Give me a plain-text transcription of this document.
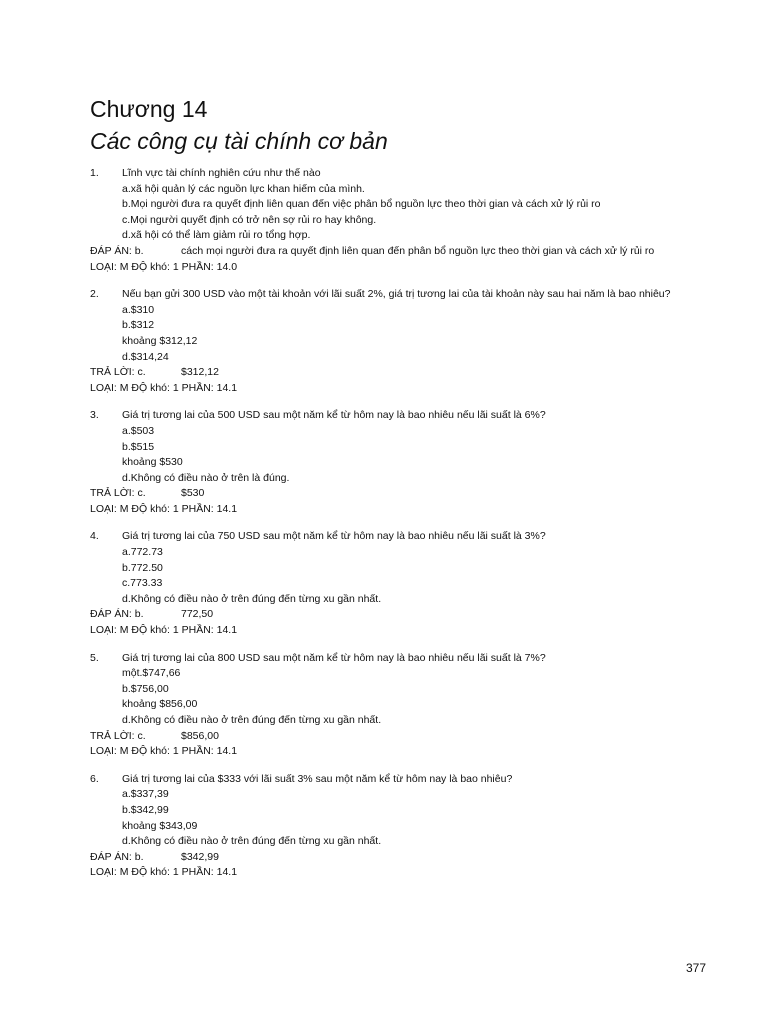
Chương 14
Các công cụ tài chính cơ bản
1. Lĩnh vực tài chính nghiên cứu như thế nào
a.xã hội quản lý các nguồn lực khan hiếm của mình.
b.Mọi người đưa ra quyết định liên quan đến việc phân bổ nguồn lực theo thời gian và cách xử lý rủi ro
c.Mọi người quyết định có trở nên sợ rủi ro hay không.
d.xã hội có thể làm giảm rủi ro tổng hợp.
ĐÁP ÁN: b.	cách mọi người đưa ra quyết định liên quan đến phân bổ nguồn lực theo thời gian và cách xử lý rủi ro
LOẠI: M ĐỘ khó: 1 PHẦN: 14.0
2. Nếu bạn gửi 300 USD vào một tài khoản với lãi suất 2%, giá trị tương lai của tài khoản này sau hai năm là bao nhiêu?
a.$310
b.$312
khoảng $312,12
d.$314,24
TRẢ LỜI: c.	$312,12
LOẠI: M ĐỘ khó: 1 PHẦN: 14.1
3. Giá trị tương lai của 500 USD sau một năm kể từ hôm nay là bao nhiêu nếu lãi suất là 6%?
a.$503
b.$515
khoảng $530
d.Không có điều nào ở trên là đúng.
TRẢ LỜI: c.	$530
LOẠI: M ĐỘ khó: 1 PHẦN: 14.1
4. Giá trị tương lai của 750 USD sau một năm kể từ hôm nay là bao nhiêu nếu lãi suất là 3%?
a.772.73
b.772.50
c.773.33
d.Không có điều nào ở trên đúng đến từng xu gần nhất.
ĐÁP ÁN: b.	772,50
LOẠI: M ĐỘ khó: 1 PHẦN: 14.1
5. Giá trị tương lai của 800 USD sau một năm kể từ hôm nay là bao nhiêu nếu lãi suất là 7%?
một.$747,66
b.$756,00
khoảng $856,00
d.Không có điều nào ở trên đúng đến từng xu gần nhất.
TRẢ LỜI: c.	$856,00
LOẠI: M ĐỘ khó: 1 PHẦN: 14.1
6. Giá trị tương lai của $333 với lãi suất 3% sau một năm kể từ hôm nay là bao nhiêu?
a.$337,39
b.$342,99
khoảng $343,09
d.Không có điều nào ở trên đúng đến từng xu gần nhất.
ĐÁP ÁN: b.	$342,99
LOẠI: M ĐỘ khó: 1 PHẦN: 14.1
377
